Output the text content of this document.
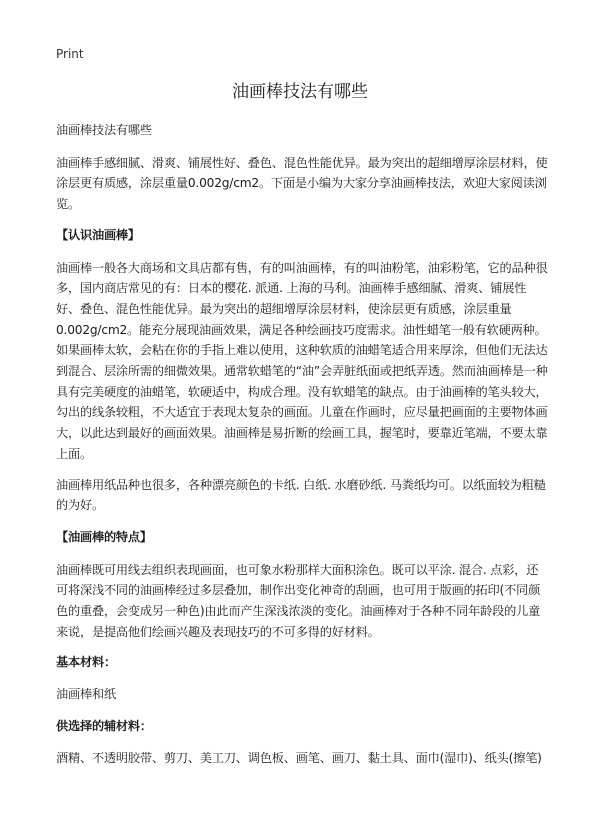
Print
油画棒技法有哪些

油画棒技法有哪些

油画棒手感细腻、滑爽、铺展性好、叠色、混色性能优异。最为突出的超细增厚涂层材料，使涂层更有质感，涂层重量0.002g/cm2。下面是小编为大家分享油画棒技法，欢迎大家阅读浏览。

【认识油画棒】

油画棒一般各大商场和文具店都有售，有的叫油画棒，有的叫油粉笔，油彩粉笔，它的品种很多，国内商店常见的有：日本的樱花. 派通. 上海的马利。油画棒手感细腻、滑爽、铺展性好、叠色、混色性能优异。最为突出的超细增厚涂层材料，使涂层更有质感，涂层重量0.002g/cm2。能充分展现油画效果，满足各种绘画技巧度需求。油性蜡笔一般有软硬两种。如果画棒太软，会粘在你的手指上难以使用，这种软质的油蜡笔适合用来厚涂，但他们无法达到混合、层涂所需的细微效果。通常软蜡笔的“油”会弄脏纸面或把纸弄透。然而油画棒是一种具有完美硬度的油蜡笔，软硬适中，构成合理。没有软蜡笔的缺点。由于油画棒的笔头较大，勾出的线条较粗，不大适宜于表现太复杂的画面。儿童在作画时，应尽量把画面的主要物体画大，以此达到最好的画面效果。油画棒是易折断的绘画工具，握笔时，要靠近笔端，不要太靠上面。

油画棒用纸品种也很多，各种漂亮颜色的卡纸. 白纸. 水磨砂纸. 马粪纸均可。以纸面较为粗糙的为好。

【油画棒的特点】

油画棒既可用线去组织表现画面，也可象水粉那样大面积涂色。既可以平涂. 混合. 点彩，还可将深浅不同的油画棒经过多层叠加，制作出变化神奇的刮画，也可用于版画的拓印(不同颜色的重叠，会变成另一种色)由此而产生深浅浓淡的变化。油画棒对于各种不同年龄段的儿童来说，是提高他们绘画兴趣及表现技巧的不可多得的好材料。

基本材料：

油画棒和纸

供选择的辅材料：

酒精、不透明胶带、剪刀、美工刀、调色板、画笔、画刀、黏土具、面巾(湿巾)、纸头(擦笔)
